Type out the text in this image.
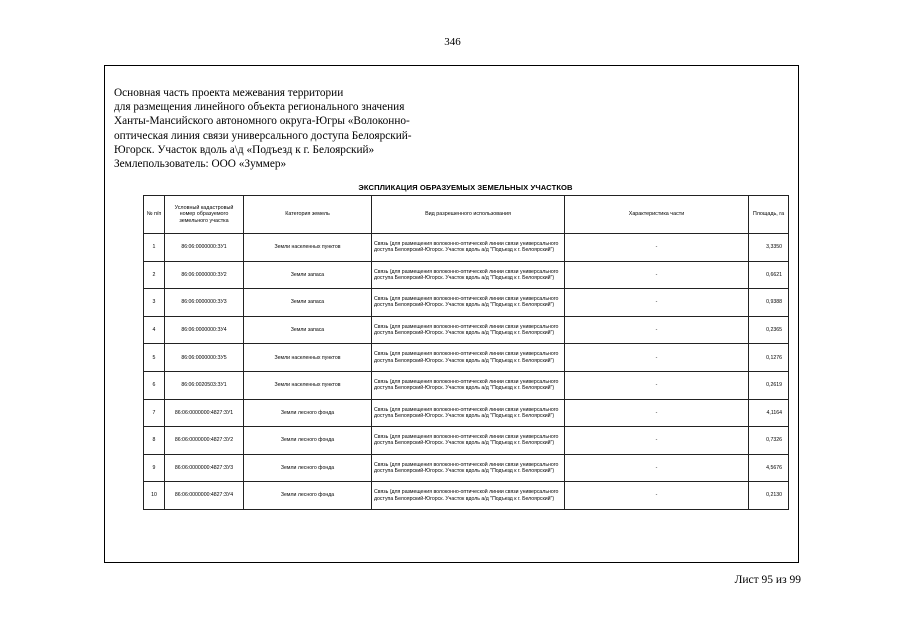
346
Основная часть проекта межевания территории
для размещения линейного объекта регионального значения
Ханты-Мансийского автономного округа-Югры «Волоконно-
оптическая линия связи универсального доступа Белоярский-
Югорск. Участок вдоль а\д «Подъезд к г. Белоярский»
Землепользователь: ООО «Зуммер»
ЭКСПЛИКАЦИЯ ОБРАЗУЕМЫХ ЗЕМЕЛЬНЫХ УЧАСТКОВ
№ п/п	Условный кадастровый номер образуемого земельного участка	Категория земель	Вид разрешенного использования	Характеристика части	Площадь, га
1	86:06:0000000:ЗУ1	Земли населенных пунктов	Связь (для размещения волоконно-оптической линии связи универсального доступа Белоярский-Югорск. Участок вдоль а/д "Подъезд к г. Белоярский")	-	3,3350
2	86:06:0000000:ЗУ2	Земли запаса	Связь (для размещения волоконно-оптической линии связи универсального доступа Белоярский-Югорск. Участок вдоль а/д "Подъезд к г. Белоярский")	-	0,6621
3	86:06:0000000:ЗУ3	Земли запаса	Связь (для размещения волоконно-оптической линии связи универсального доступа Белоярский-Югорск. Участок вдоль а/д "Подъезд к г. Белоярский")	-	0,9388
4	86:06:0000000:ЗУ4	Земли запаса	Связь (для размещения волоконно-оптической линии связи универсального доступа Белоярский-Югорск. Участок вдоль а/д "Подъезд к г. Белоярский")	-	0,2365
5	86:06:0000000:ЗУ5	Земли населенных пунктов	Связь (для размещения волоконно-оптической линии связи универсального доступа Белоярский-Югорск. Участок вдоль а/д "Подъезд к г. Белоярский")	-	0,1276
6	86:06:0020503:ЗУ1	Земли населенных пунктов	Связь (для размещения волоконно-оптической линии связи универсального доступа Белоярский-Югорск. Участок вдоль а/д "Подъезд к г. Белоярский")	-	0,2619
7	86:06:0000000:4827:ЗУ1	Земли лесного фонда	Связь (для размещения волоконно-оптической линии связи универсального доступа Белоярский-Югорск. Участок вдоль а/д "Подъезд к г. Белоярский")	-	4,1164
8	86:06:0000000:4827:ЗУ2	Земли лесного фонда	Связь (для размещения волоконно-оптической линии связи универсального доступа Белоярский-Югорск. Участок вдоль а/д "Подъезд к г. Белоярский")	-	0,7326
9	86:06:0000000:4827:ЗУ3	Земли лесного фонда	Связь (для размещения волоконно-оптической линии связи универсального доступа Белоярский-Югорск. Участок вдоль а/д "Подъезд к г. Белоярский")	-	4,5676
10	86:06:0000000:4827:ЗУ4	Земли лесного фонда	Связь (для размещения волоконно-оптической линии связи универсального доступа Белоярский-Югорск. Участок вдоль а/д "Подъезд к г. Белоярский")	-	0,2130
Лист 95 из 99
